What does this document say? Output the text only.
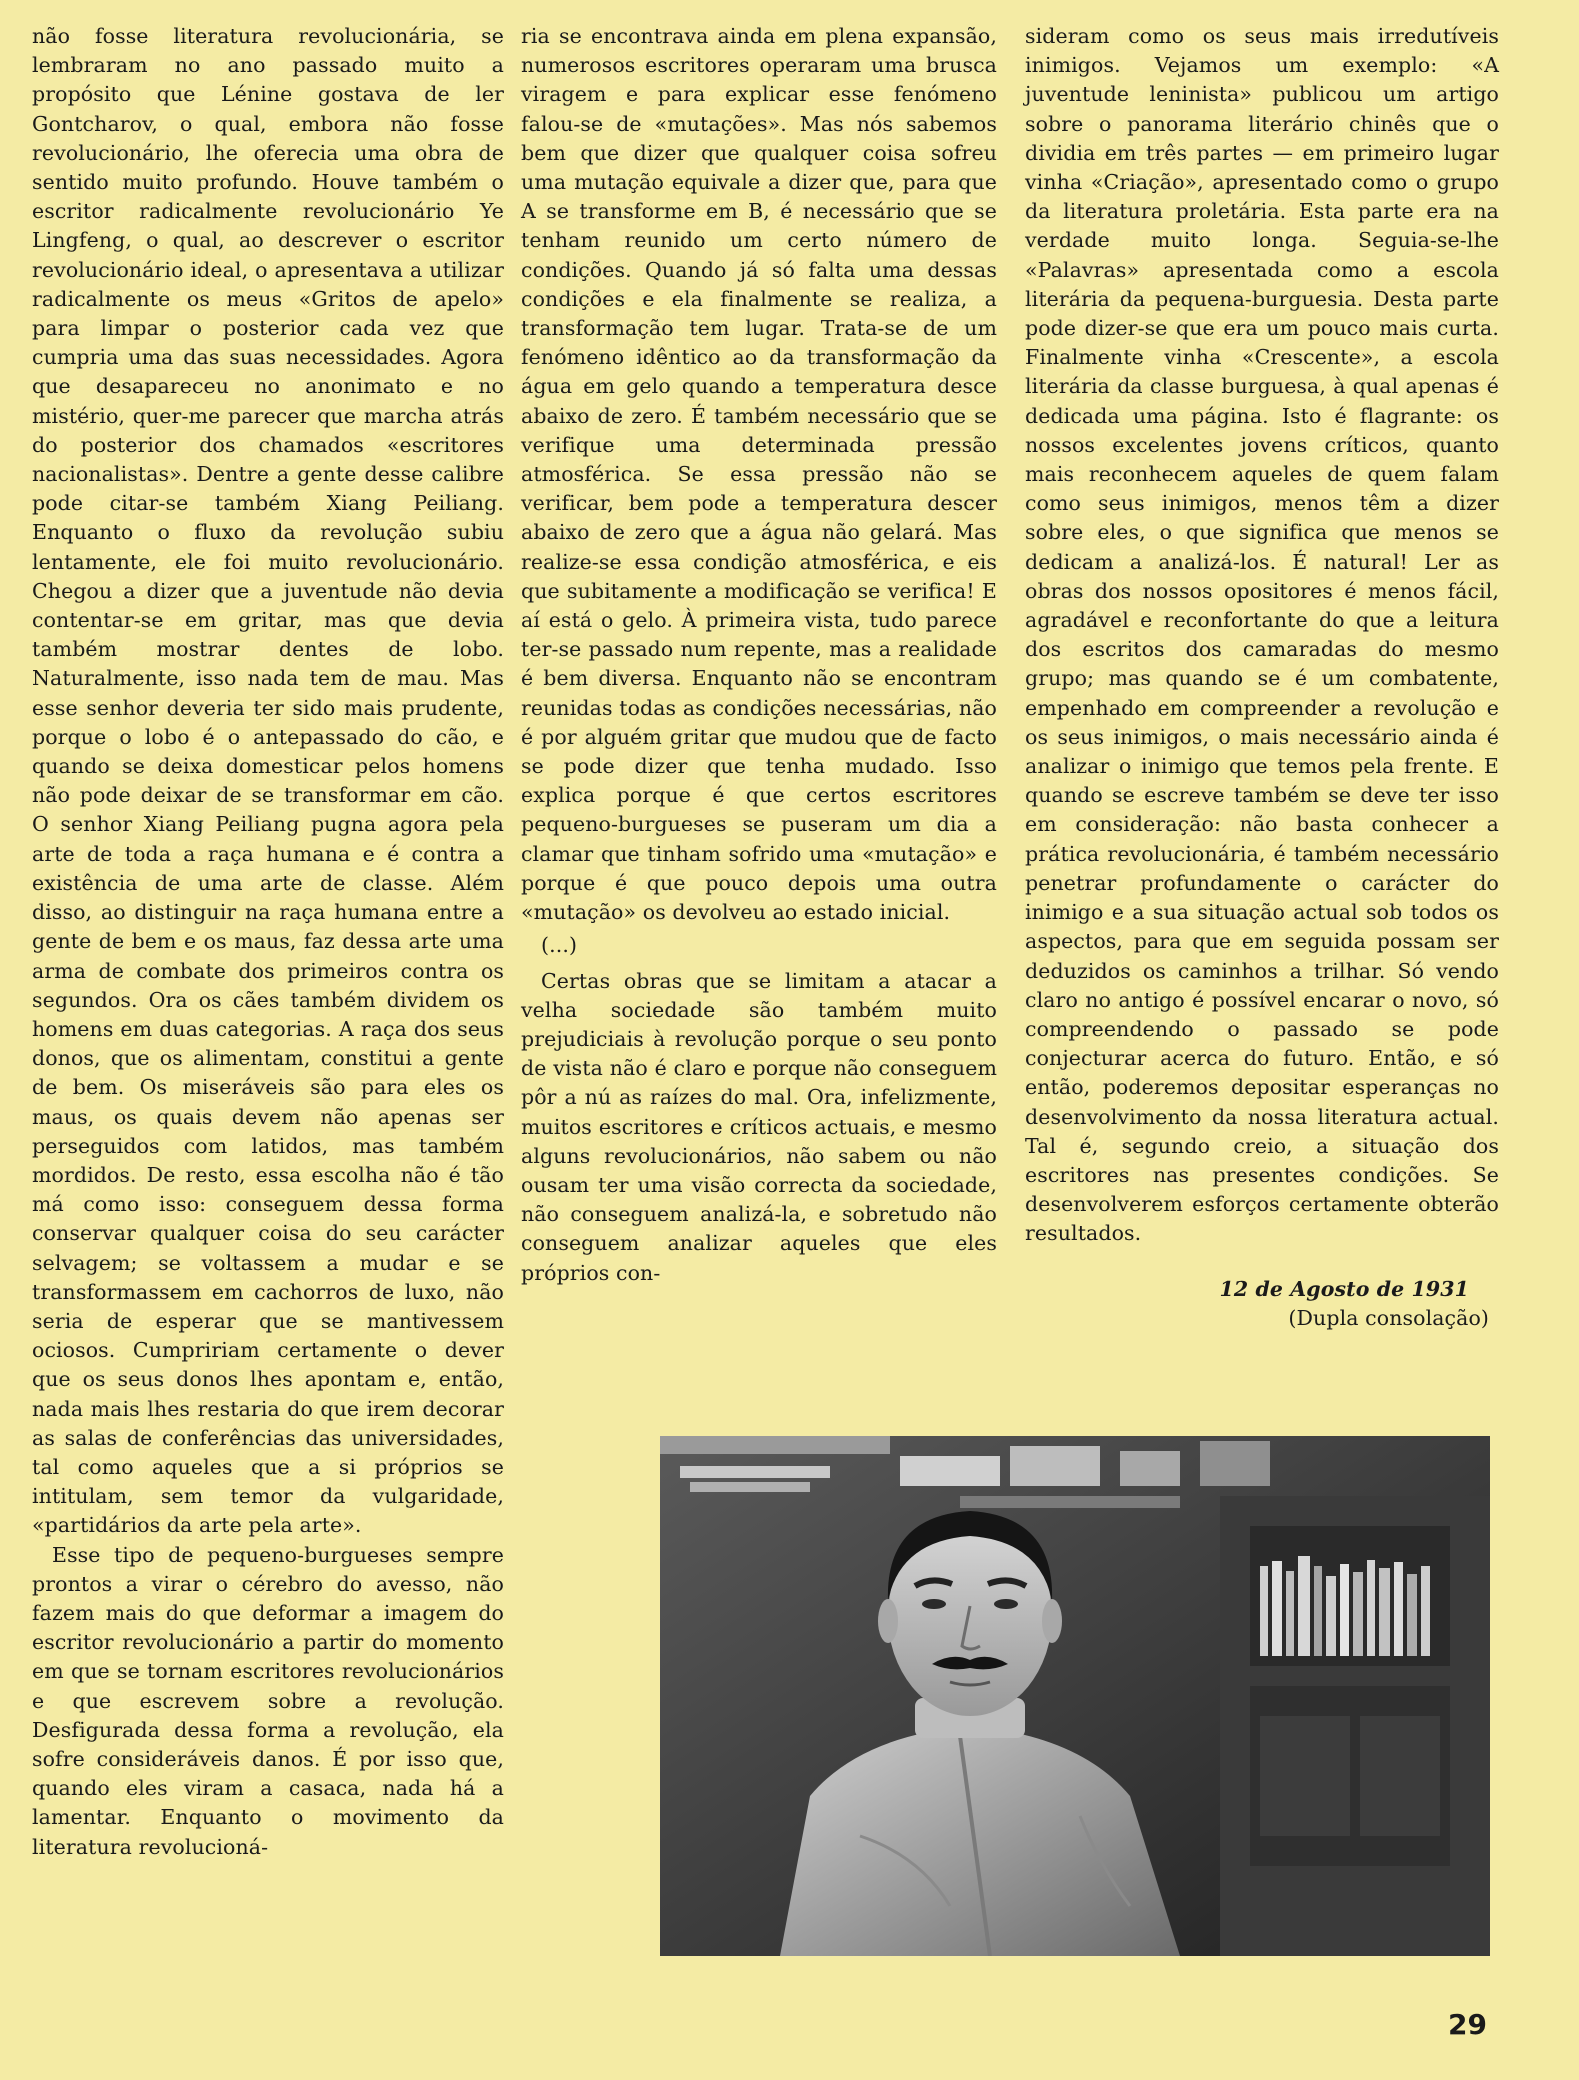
não fosse literatura revolucionária, se lembraram no ano passado muito a propósito que Lénine gostava de ler Gontcharov, o qual, embora não fosse revolucionário, lhe oferecia uma obra de sentido muito profundo. Houve também o escritor radicalmente revolucionário Ye Lingfeng, o qual, ao descrever o escritor revolucionário ideal, o apresentava a utilizar radicalmente os meus «Gritos de apelo» para limpar o posterior cada vez que cumpria uma das suas necessidades. Agora que desapareceu no anonimato e no mistério, quer-me parecer que marcha atrás do posterior dos chamados «escritores nacionalistas». Dentre a gente desse calibre pode citar-se também Xiang Peiliang. Enquanto o fluxo da revolução subiu lentamente, ele foi muito revolucionário. Chegou a dizer que a juventude não devia contentar-se em gritar, mas que devia também mostrar dentes de lobo. Naturalmente, isso nada tem de mau. Mas esse senhor deveria ter sido mais prudente, porque o lobo é o antepassado do cão, e quando se deixa domesticar pelos homens não pode deixar de se transformar em cão. O senhor Xiang Peiliang pugna agora pela arte de toda a raça humana e é contra a existência de uma arte de classe. Além disso, ao distinguir na raça humana entre a gente de bem e os maus, faz dessa arte uma arma de combate dos primeiros contra os segundos. Ora os cães também dividem os homens em duas categorias. A raça dos seus donos, que os alimentam, constitui a gente de bem. Os miseráveis são para eles os maus, os quais devem não apenas ser perseguidos com latidos, mas também mordidos. De resto, essa escolha não é tão má como isso: conseguem dessa forma conservar qualquer coisa do seu carácter selvagem; se voltassem a mudar e se transformassem em cachorros de luxo, não seria de esperar que se mantivessem ociosos. Cumpririam certamente o dever que os seus donos lhes apontam e, então, nada mais lhes restaria do que irem decorar as salas de conferências das universidades, tal como aqueles que a si próprios se intitulam, sem temor da vulgaridade, «partidários da arte pela arte».

Esse tipo de pequeno-burgueses sempre prontos a virar o cérebro do avesso, não fazem mais do que deformar a imagem do escritor revolucionário a partir do momento em que se tornam escritores revolucionários e que escrevem sobre a revolução. Desfigurada dessa forma a revolução, ela sofre consideráveis danos. É por isso que, quando eles viram a casaca, nada há a lamentar. Enquanto o movimento da literatura revolucioná-

ria se encontrava ainda em plena expansão, numerosos escritores operaram uma brusca viragem e para explicar esse fenómeno falou-se de «mutações». Mas nós sabemos bem que dizer que qualquer coisa sofreu uma mutação equivale a dizer que, para que A se transforme em B, é necessário que se tenham reunido um certo número de condições. Quando já só falta uma dessas condições e ela finalmente se realiza, a transformação tem lugar. Trata-se de um fenómeno idêntico ao da transformação da água em gelo quando a temperatura desce abaixo de zero. É também necessário que se verifique uma determinada pressão atmosférica. Se essa pressão não se verificar, bem pode a temperatura descer abaixo de zero que a água não gelará. Mas realize-se essa condição atmosférica, e eis que subitamente a modificação se verifica! E aí está o gelo. À primeira vista, tudo parece ter-se passado num repente, mas a realidade é bem diversa. Enquanto não se encontram reunidas todas as condições necessárias, não é por alguém gritar que mudou que de facto se pode dizer que tenha mudado. Isso explica porque é que certos escritores pequeno-burgueses se puseram um dia a clamar que tinham sofrido uma «mutação» e porque é que pouco depois uma outra «mutação» os devolveu ao estado inicial.

(...)

Certas obras que se limitam a atacar a velha sociedade são também muito prejudiciais à revolução porque o seu ponto de vista não é claro e porque não conseguem pôr a nú as raízes do mal. Ora, infelizmente, muitos escritores e críticos actuais, e mesmo alguns revolucionários, não sabem ou não ousam ter uma visão correcta da sociedade, não conseguem analizá-la, e sobretudo não conseguem analizar aqueles que eles próprios con-

sideram como os seus mais irredutíveis inimigos. Vejamos um exemplo: «A juventude leninista» publicou um artigo sobre o panorama literário chinês que o dividia em três partes — em primeiro lugar vinha «Criação», apresentado como o grupo da literatura proletária. Esta parte era na verdade muito longa. Seguia-se-lhe «Palavras» apresentada como a escola literária da pequena-burguesia. Desta parte pode dizer-se que era um pouco mais curta. Finalmente vinha «Crescente», a escola literária da classe burguesa, à qual apenas é dedicada uma página. Isto é flagrante: os nossos excelentes jovens críticos, quanto mais reconhecem aqueles de quem falam como seus inimigos, menos têm a dizer sobre eles, o que significa que menos se dedicam a analizá-los. É natural! Ler as obras dos nossos opositores é menos fácil, agradável e reconfortante do que a leitura dos escritos dos camaradas do mesmo grupo; mas quando se é um combatente, empenhado em compreender a revolução e os seus inimigos, o mais necessário ainda é analizar o inimigo que temos pela frente. E quando se escreve também se deve ter isso em consideração: não basta conhecer a prática revolucionária, é também necessário penetrar profundamente o carácter do inimigo e a sua situação actual sob todos os aspectos, para que em seguida possam ser deduzidos os caminhos a trilhar. Só vendo claro no antigo é possível encarar o novo, só compreendendo o passado se pode conjecturar acerca do futuro. Então, e só então, poderemos depositar esperanças no desenvolvimento da nossa literatura actual. Tal é, segundo creio, a situação dos escritores nas presentes condições. Se desenvolverem esforços certamente obterão resultados.

12 de Agosto de 1931
(Dupla consolação)
29
